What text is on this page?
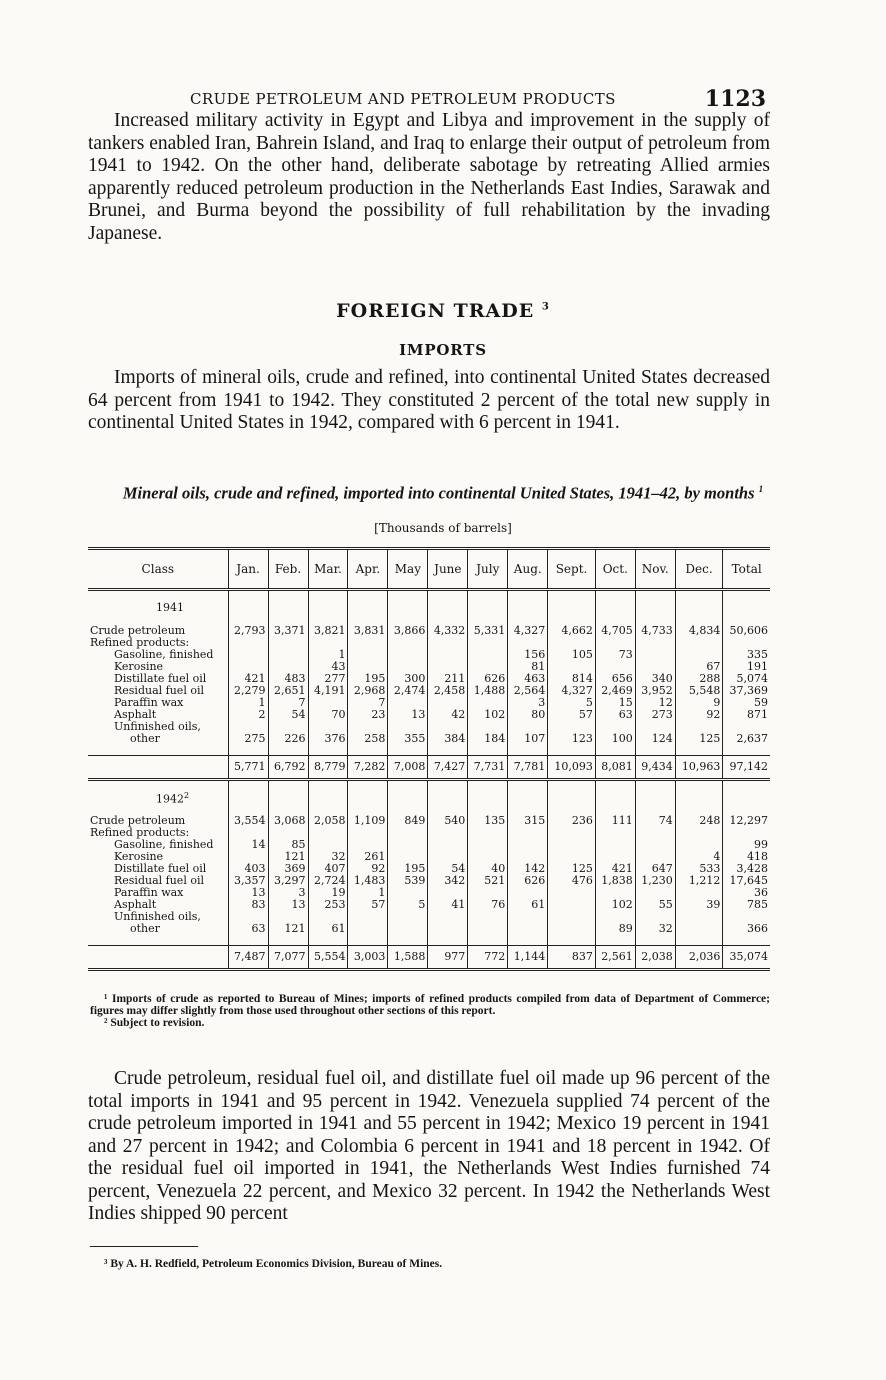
CRUDE PETROLEUM AND PETROLEUM PRODUCTS	1123

Increased military activity in Egypt and Libya and improvement in the supply of tankers enabled Iran, Bahrein Island, and Iraq to enlarge their output of petroleum from 1941 to 1942. On the other hand, deliberate sabotage by retreating Allied armies apparently reduced petroleum production in the Netherlands East Indies, Sarawak and Brunei, and Burma beyond the possibility of full rehabilitation by the invading Japanese.

FOREIGN TRADE $^3$
IMPORTS

Imports of mineral oils, crude and refined, into continental United States decreased 64 percent from 1941 to 1942. They constituted 2 percent of the total new supply in continental United States in 1942, compared with 6 percent in 1941.

Mineral oils, crude and refined, imported into continental United States, 1941–42, by months $^1$
[Thousands of barrels]
Class	Jan.	Feb.	Mar.	Apr.	May	June	July	Aug.	Sept.	Oct.	Nov.	Dec.	Total
1941													
Crude petroleum	2,793	3,371	3,821	3,831	3,866	4,332	5,331	4,327	4,662	4,705	4,733	4,834	50,606
Refined products:													
Gasoline, finished			1					156	105	73			335
Kerosine			43					81				67	191
Distillate fuel oil	421	483	277	195	300	211	626	463	814	656	340	288	5,074
Residual fuel oil	2,279	2,651	4,191	2,968	2,474	2,458	1,488	2,564	4,327	2,469	3,952	5,548	37,369
Paraffin wax	1	7		7				3	5	15	12	9	59
Asphalt	2	54	70	23	13	42	102	80	57	63	273	92	871
Unfinished oils,													
other	275	226	376	258	355	384	184	107	123	100	124	125	2,637

	5,771	6,792	8,779	7,282	7,008	7,427	7,731	7,781	10,093	8,081	9,434	10,963	97,142
1942$^2$													
Crude petroleum	3,554	3,068	2,058	1,109	849	540	135	315	236	111	74	248	12,297
Refined products:													
Gasoline, finished	14	85											99
Kerosine		121	32	261								4	418
Distillate fuel oil	403	369	407	92	195	54	40	142	125	421	647	533	3,428
Residual fuel oil	3,357	3,297	2,724	1,483	539	342	521	626	476	1,838	1,230	1,212	17,645
Paraffin wax	13	3	19	1									36
Asphalt	83	13	253	57	5	41	76	61		102	55	39	785
Unfinished oils,													
other	63	121	61							89	32		366

	7,487	7,077	5,554	3,003	1,588	977	772	1,144	837	2,561	2,038	2,036	35,074
¹ Imports of crude as reported to Bureau of Mines; imports of refined products compiled from data of Department of Commerce; figures may differ slightly from those used throughout other sections of this report.
² Subject to revision.

Crude petroleum, residual fuel oil, and distillate fuel oil made up 96 percent of the total imports in 1941 and 95 percent in 1942. Venezuela supplied 74 percent of the crude petroleum imported in 1941 and 55 percent in 1942; Mexico 19 percent in 1941 and 27 percent in 1942; and Colombia 6 percent in 1941 and 18 percent in 1942. Of the residual fuel oil imported in 1941, the Netherlands West Indies furnished 74 percent, Venezuela 22 percent, and Mexico 32 percent. In 1942 the Netherlands West Indies shipped 90 percent

³ By A. H. Redfield, Petroleum Economics Division, Bureau of Mines.
